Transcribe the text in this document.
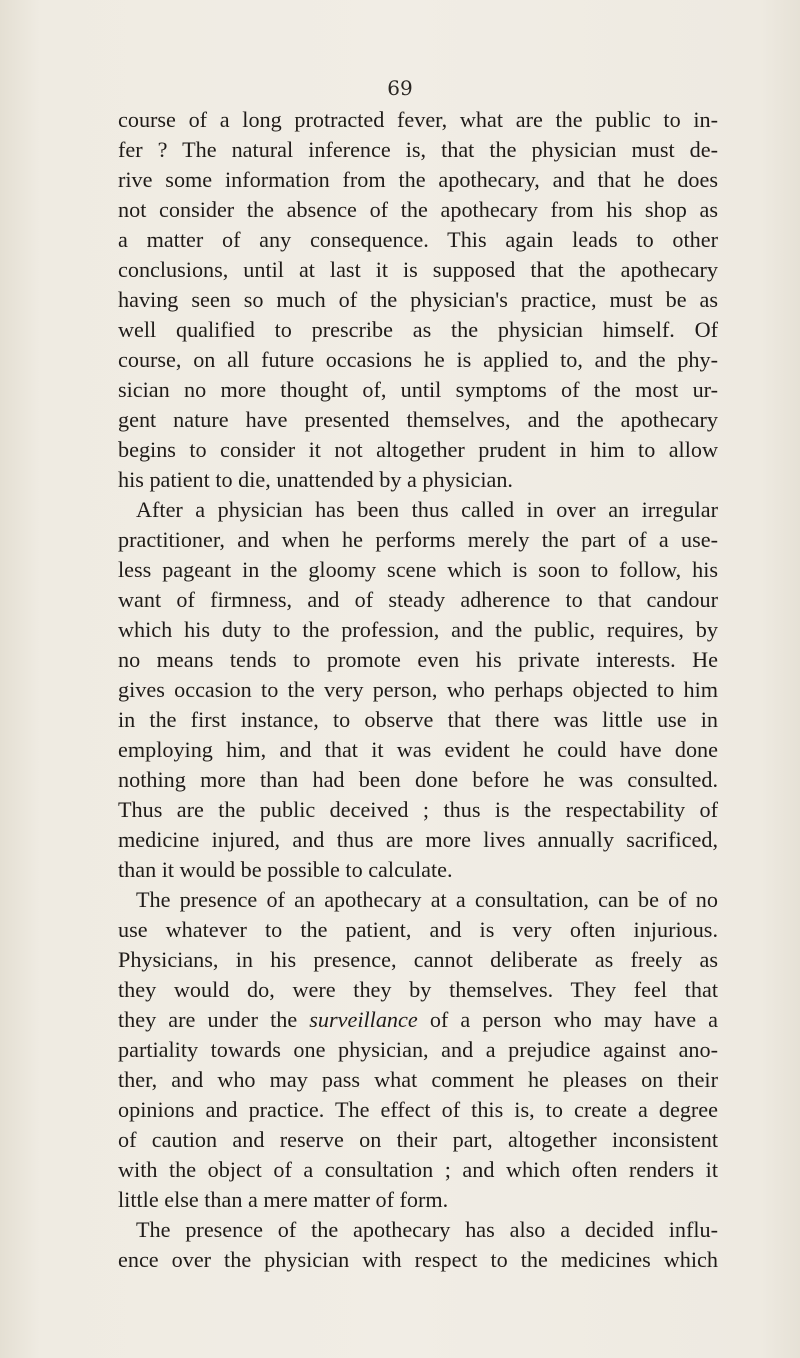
69
course of a long protracted fever, what are the public to in-
fer ? The natural inference is, that the physician must de-
rive some information from the apothecary, and that he does
not consider the absence of the apothecary from his shop as
a matter of any consequence. This again leads to other
conclusions, until at last it is supposed that the apothecary
having seen so much of the physician's practice, must be as
well qualified to prescribe as the physician himself. Of
course, on all future occasions he is applied to, and the phy-
sician no more thought of, until symptoms of the most ur-
gent nature have presented themselves, and the apothecary
begins to consider it not altogether prudent in him to allow
his patient to die, unattended by a physician.
After a physician has been thus called in over an irregular
practitioner, and when he performs merely the part of a use-
less pageant in the gloomy scene which is soon to follow, his
want of firmness, and of steady adherence to that candour
which his duty to the profession, and the public, requires, by
no means tends to promote even his private interests. He
gives occasion to the very person, who perhaps objected to him
in the first instance, to observe that there was little use in
employing him, and that it was evident he could have done
nothing more than had been done before he was consulted.
Thus are the public deceived ; thus is the respectability of
medicine injured, and thus are more lives annually sacrificed,
than it would be possible to calculate.
The presence of an apothecary at a consultation, can be of no
use whatever to the patient, and is very often injurious.
Physicians, in his presence, cannot deliberate as freely as
they would do, were they by themselves. They feel that
they are under the surveillance of a person who may have a
partiality towards one physician, and a prejudice against ano-
ther, and who may pass what comment he pleases on their
opinions and practice. The effect of this is, to create a degree
of caution and reserve on their part, altogether inconsistent
with the object of a consultation ; and which often renders it
little else than a mere matter of form.
The presence of the apothecary has also a decided influ-
ence over the physician with respect to the medicines which
